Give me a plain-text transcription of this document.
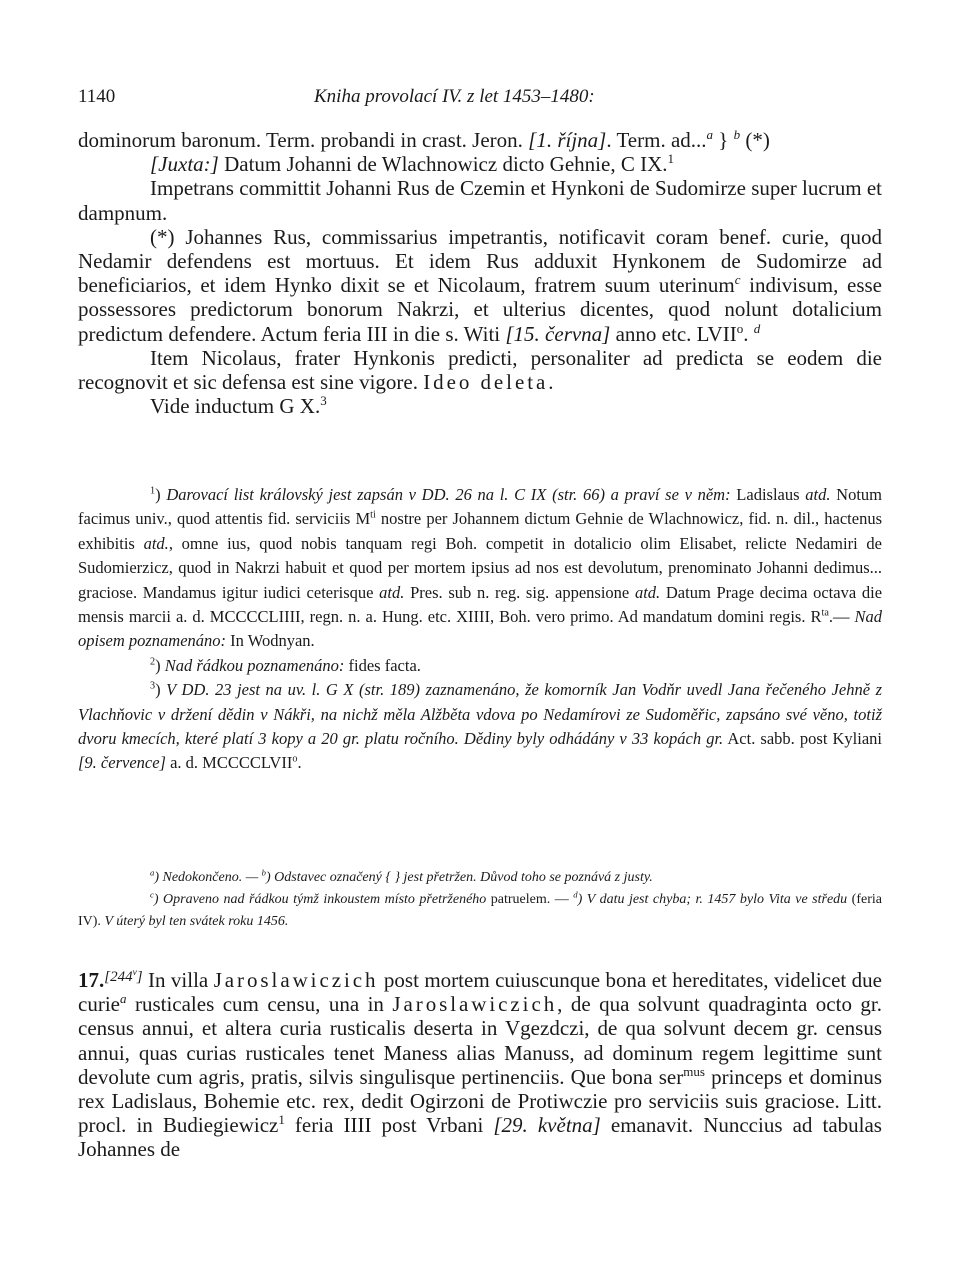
1140	Kniha provolací IV. z let 1453–1480:

dominorum baronum. Term. probandi in crast. Jeron. [1. října]. Term. ad...$^a$ } $^b$ (*)

[Juxta:] Datum Johanni de Wlachnowicz dicto Gehnie, C IX.$^1$

Impetrans committit Johanni Rus de Czemin et Hynkoni de Sudomirze super lucrum et dampnum.

(*) Johannes Rus, commissarius impetrantis, notificavit coram benef. curie, quod Nedamir defendens est mortuus. Et idem Rus adduxit Hynkonem de Sudomirze ad beneficiarios, et idem Hynko dixit se et Nicolaum, fratrem suum uterinum$^c$ indivisum, esse possessores predictorum bonorum Nakrzi, et ulterius dicentes, quod nolunt dotalicium predictum defendere. Actum feria III in die s. Witi [15. června] anno etc. LVII$^o$. $^d$

Item Nicolaus, frater Hynkonis predicti, personaliter ad predicta se eodem die recognovit et sic defensa est sine vigore. Ideo deleta.

Vide inductum G X.$^3$

$^1$) Darovací list královský jest zapsán v DD. 26 na l. C IX (str. 66) a praví se v něm: Ladislaus atd. Notum facimus univ., quod attentis fid. serviciis $M^{ti}$ nostre per Johannem dictum Gehnie de Wlachnowicz, fid. n. dil., hactenus exhibitis atd., omne ius, quod nobis tanquam regi Boh. competit in dotalicio olim Elisabet, relicte Nedamiri de Sudomierzicz, quod in Nakrzi habuit et quod per mortem ipsius ad nos est devolutum, prenominato Johanni dedimus... graciose. Mandamus igitur iudici ceterisque atd. Pres. sub n. reg. sig. appensione atd. Datum Prage decima octava die mensis marcii a. d. MCCCCLIIII, regn. n. a. Hung. etc. XIIII, Boh. vero primo. Ad mandatum domini regis. $R^{ta}.—$ Nad opisem poznamenáno: In Wodnyan.

$^2$) Nad řádkou poznamenáno: fides facta.

$^3$) V DD. 23 jest na uv. l. G X (str. 189) zaznamenáno, že komorník Jan Vodňr uvedl Jana řečeného Jehně z Vlachňovic v držení dědin v Nákři, na nichž měla Alžběta vdova po Nedamírovi ze Sudoměřic, zapsáno své věno, totiž dvoru kmecích, které platí 3 kopy a 20 gr. platu ročního. Dědiny byly odhádány v 33 kopách gr. Act. sabb. post Kyliani [9. července] a. d. MCCCCLVII$^o$.

$^a$) Nedokončeno. — $^b$) Odstavec označený { } jest přetržen. Důvod toho se poznává z justy.

$^c$) Opraveno nad řádkou týmž inkoustem místo přetrženého patruelem. — $^d$) V datu jest chyba; r. 1457 bylo Vita ve středu (feria IV). V úterý byl ten svátek roku 1456.

17.[244v] In villa Jaroslawiczich post mortem cuiuscunque bona et hereditates, videlicet due curie$^a$ rusticales cum censu, una in Jaroslawiczich, de qua solvunt quadraginta octo gr. census annui, et altera curia rusticalis deserta in Vgezdczi, de qua solvunt decem gr. census annui, quas curias rusticales tenet Maness alias Manuss, ad dominum regem legittime sunt devolute cum agris, pratis, silvis singulisque pertinenciis. Que bona ser$^{mus}$ princeps et dominus rex Ladislaus, Bohemie etc. rex, dedit Ogirzoni de Protiwczie pro serviciis suis graciose. Litt. procl. in Budiegiewicz$^1$ feria IIII post Vrbani [29. května] emanavit. Nunccius ad tabulas Johannes de
